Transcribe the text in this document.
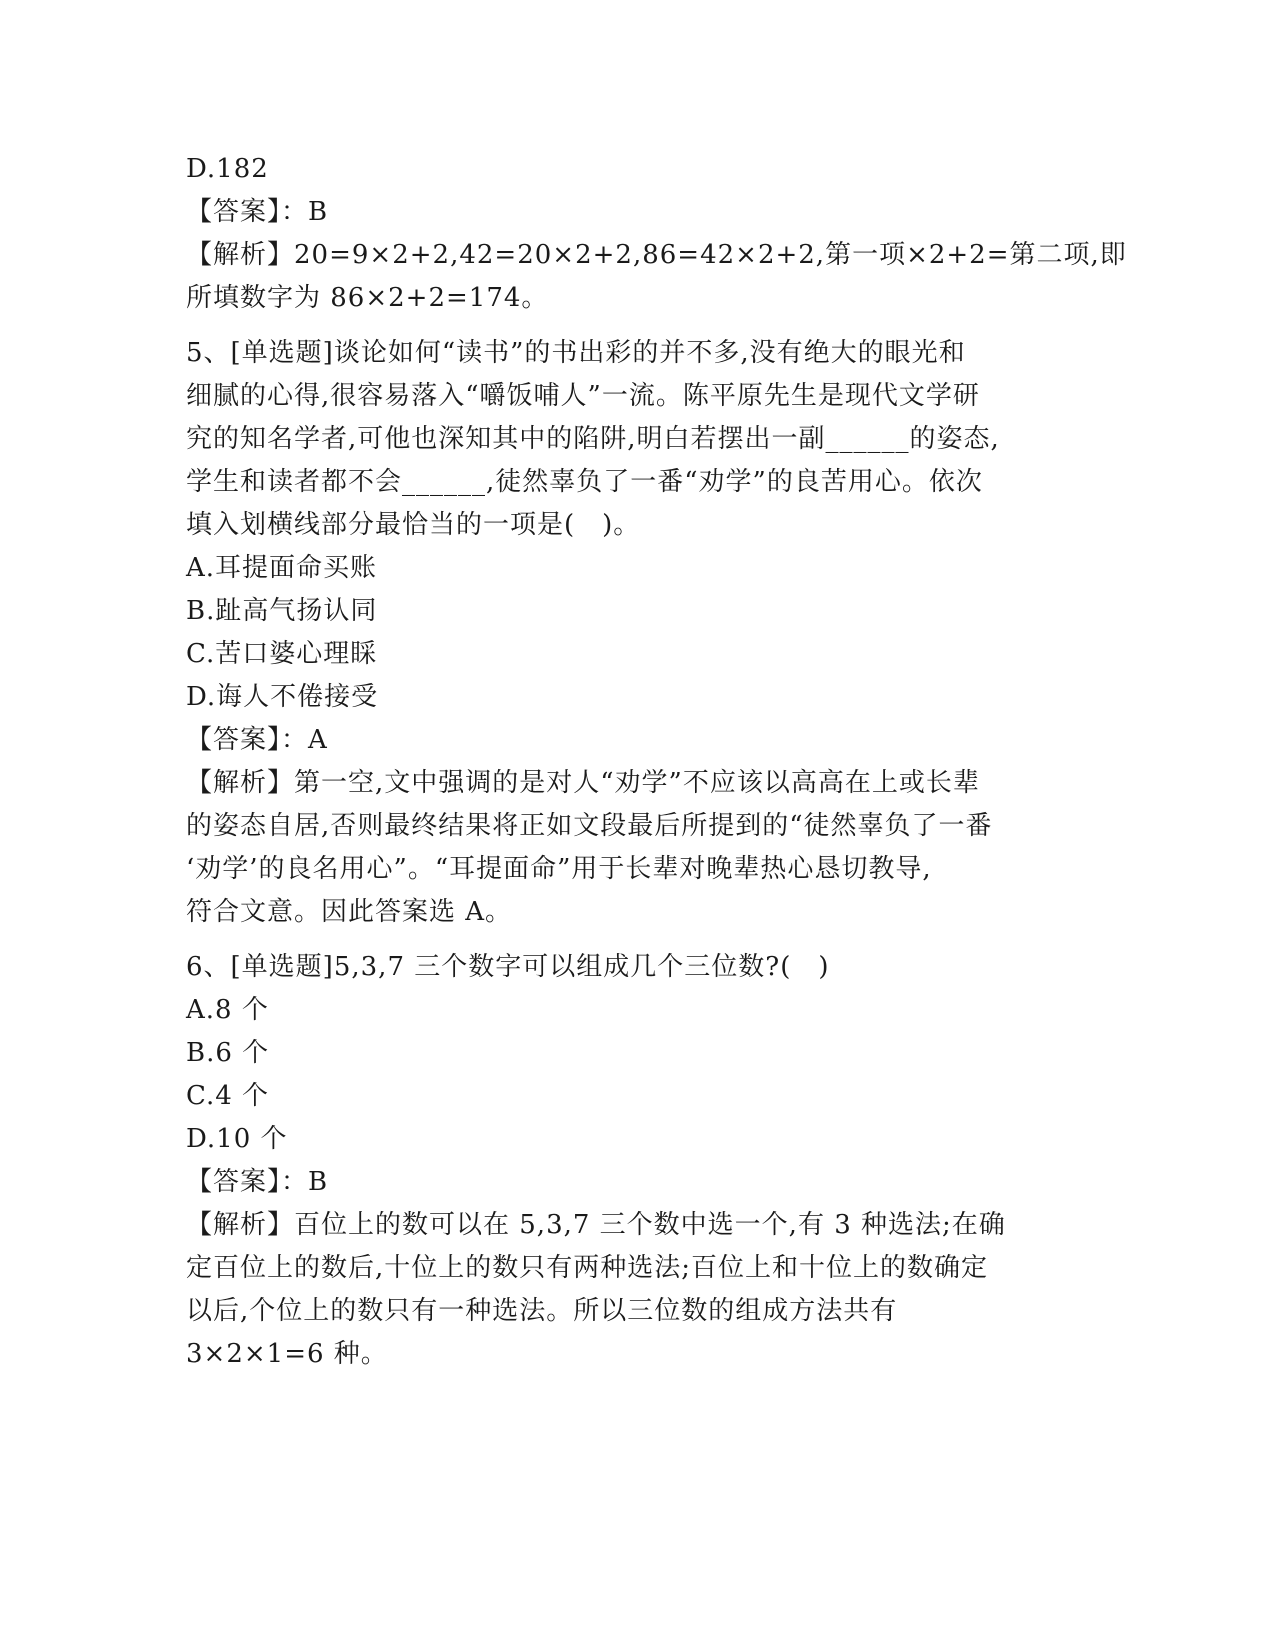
D.182
【答案】：B
【解析】20=9×2+2,42=20×2+2,86=42×2+2,第一项×2+2=第二项,即
所填数字为 86×2+2=174。
5、[单选题]谈论如何“读书”的书出彩的并不多,没有绝大的眼光和
细腻的心得,很容易落入“嚼饭哺人”一流。陈平原先生是现代文学研
究的知名学者,可他也深知其中的陷阱,明白若摆出一副______的姿态,
学生和读者都不会______,徒然辜负了一番“劝学”的良苦用心。依次
填入划横线部分最恰当的一项是(　)。
A.耳提面命买账
B.趾高气扬认同
C.苦口婆心理睬
D.诲人不倦接受
【答案】：A
【解析】第一空,文中强调的是对人“劝学”不应该以高高在上或长辈
的姿态自居,否则最终结果将正如文段最后所提到的“徒然辜负了一番
‘劝学’的良名用心”。“耳提面命”用于长辈对晚辈热心恳切教导,
符合文意。因此答案选 A。
6、[单选题]5,3,7 三个数字可以组成几个三位数?(　)
A.8 个
B.6 个
C.4 个
D.10 个
【答案】：B
【解析】百位上的数可以在 5,3,7 三个数中选一个,有 3 种选法;在确
定百位上的数后,十位上的数只有两种选法;百位上和十位上的数确定
以后,个位上的数只有一种选法。所以三位数的组成方法共有
3×2×1=6 种。
